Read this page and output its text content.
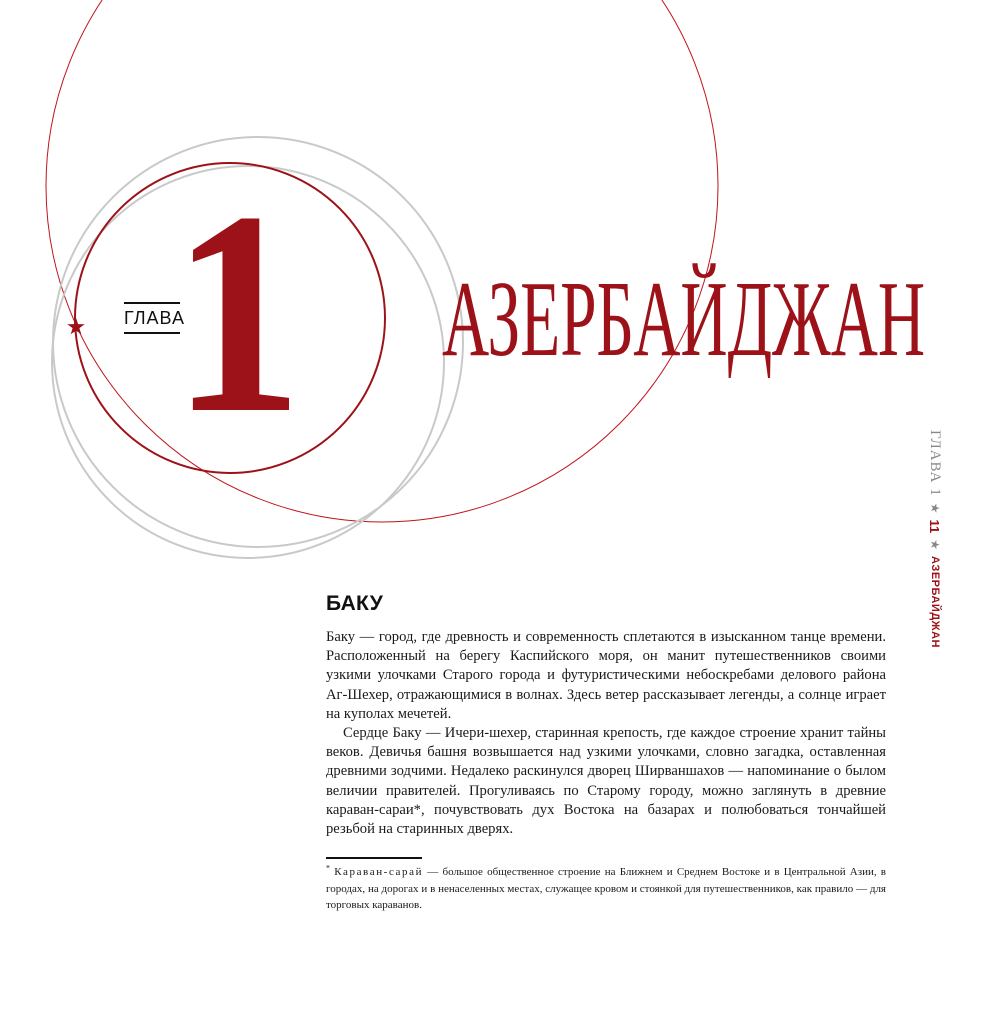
ГЛАВА
1 АЗЕРБАЙДЖАН
ГЛАВА 1
★
11
★
АЗЕРБАЙДЖАН
БАКУ

Баку — город, где древность и современность сплетаются в изысканном танце времени. Расположенный на берегу Каспийского моря, он манит путешественников своими узкими улочками Старого города и футуристическими небоскребами делового района Аг-Шехер, отражающимися в волнах. Здесь ветер рассказывает легенды, а солнце играет на куполах мечетей.

Сердце Баку — Ичери-шехер, старинная крепость, где каждое строение хранит тайны веков. Девичья башня возвышается над узкими улочками, словно загадка, оставленная древними зодчими. Недалеко раскинулся дворец Ширваншахов — напоминание о былом величии правителей. Прогуливаясь по Старому городу, можно заглянуть в древние караван-сараи*, почувствовать дух Востока на базарах и полюбоваться тончайшей резьбой на старинных дверях.

* Караван-сарай — большое общественное строение на Ближнем и Среднем Востоке и в Центральной Азии, в городах, на дорогах и в ненаселенных местах, служащее кровом и стоянкой для путешественников, как правило — для торговых караванов.
